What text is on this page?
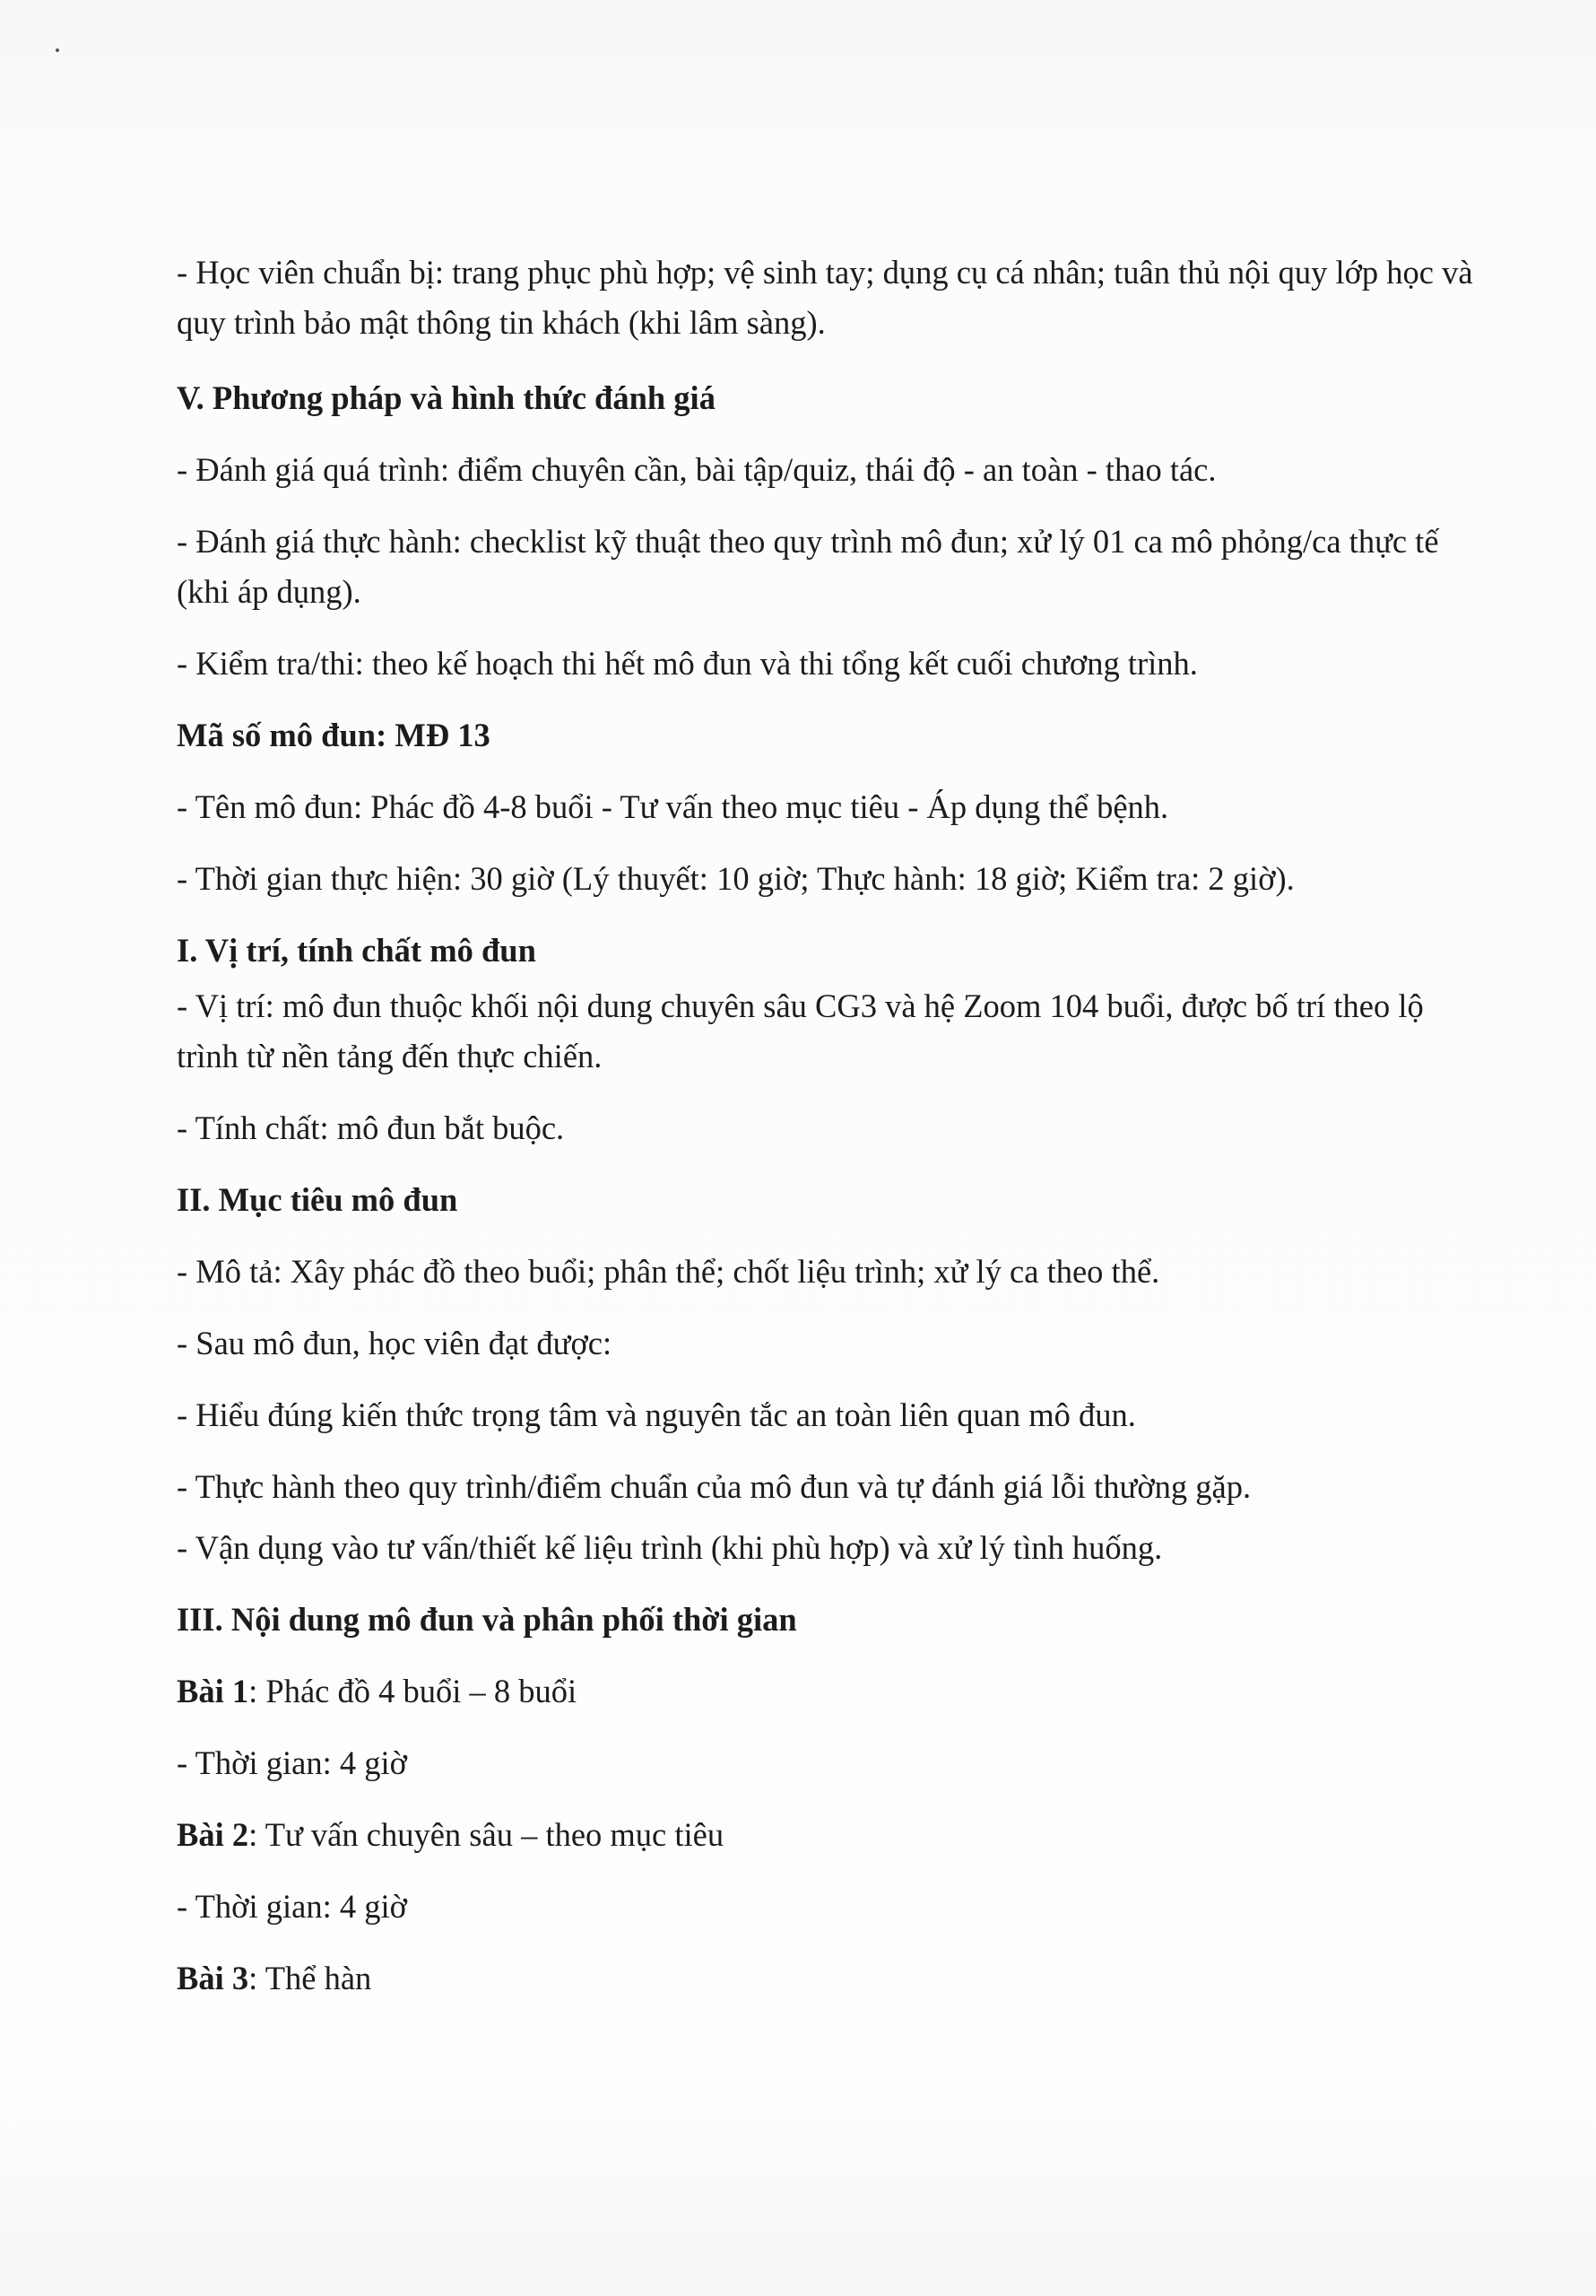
- Học viên chuẩn bị: trang phục phù hợp; vệ sinh tay; dụng cụ cá nhân; tuân thủ nội quy lớp học và quy trình bảo mật thông tin khách (khi lâm sàng).

V. Phương pháp và hình thức đánh giá

- Đánh giá quá trình: điểm chuyên cần, bài tập/quiz, thái độ - an toàn - thao tác.

- Đánh giá thực hành: checklist kỹ thuật theo quy trình mô đun; xử lý 01 ca mô phỏng/ca thực tế (khi áp dụng).

- Kiểm tra/thi: theo kế hoạch thi hết mô đun và thi tổng kết cuối chương trình.

Mã số mô đun: MĐ 13

- Tên mô đun: Phác đồ 4-8 buổi - Tư vấn theo mục tiêu - Áp dụng thể bệnh.

- Thời gian thực hiện: 30 giờ (Lý thuyết: 10 giờ; Thực hành: 18 giờ; Kiểm tra: 2 giờ).

I. Vị trí, tính chất mô đun

- Vị trí: mô đun thuộc khối nội dung chuyên sâu CG3 và hệ Zoom 104 buổi, được bố trí theo lộ trình từ nền tảng đến thực chiến.

- Tính chất: mô đun bắt buộc.

II. Mục tiêu mô đun

- Mô tả: Xây phác đồ theo buổi; phân thể; chốt liệu trình; xử lý ca theo thể.

- Sau mô đun, học viên đạt được:

- Hiểu đúng kiến thức trọng tâm và nguyên tắc an toàn liên quan mô đun.

- Thực hành theo quy trình/điểm chuẩn của mô đun và tự đánh giá lỗi thường gặp.

- Vận dụng vào tư vấn/thiết kế liệu trình (khi phù hợp) và xử lý tình huống.

III. Nội dung mô đun và phân phối thời gian

Bài 1: Phác đồ 4 buổi – 8 buổi

- Thời gian: 4 giờ

Bài 2: Tư vấn chuyên sâu – theo mục tiêu

- Thời gian: 4 giờ

Bài 3: Thể hàn
